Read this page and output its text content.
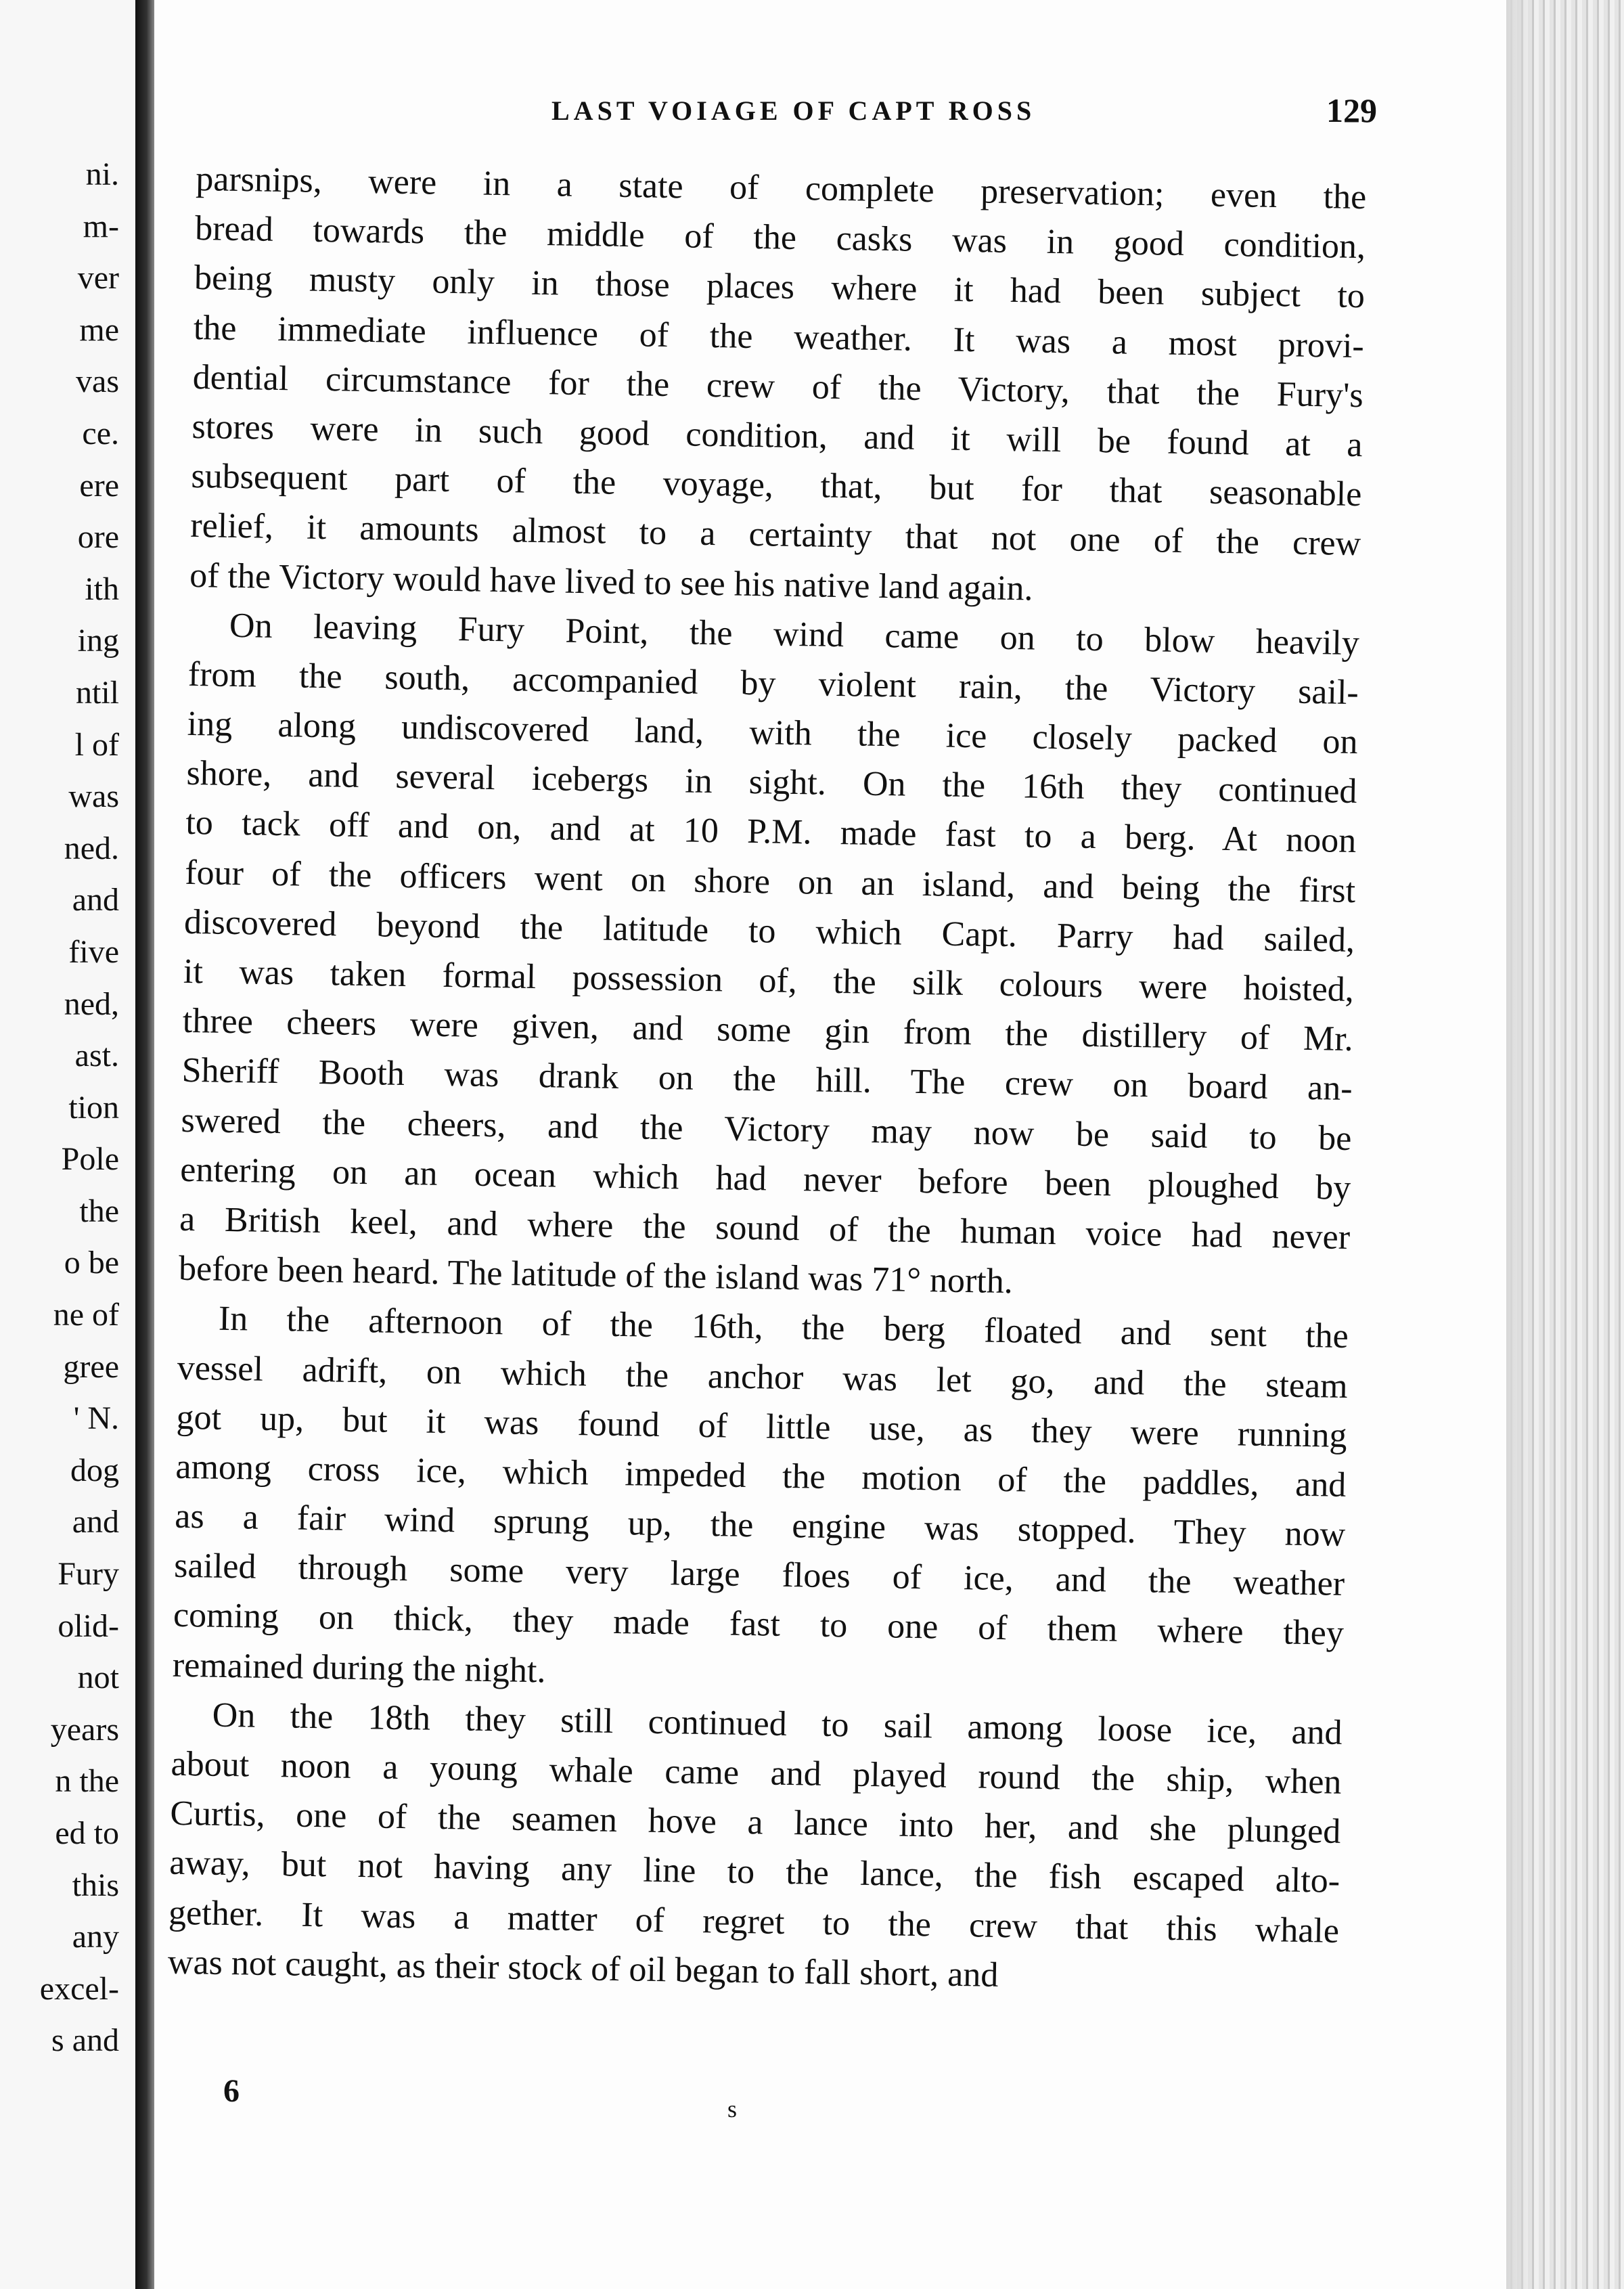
ni.
m-
ver
me
vas
ce.
ere
ore
ith
ing
ntil
l of
was
ned.
and
five
ned,
ast.
tion
Pole
the
o be
ne of
gree
' N.
dog
and
Fury
olid-
not
years
n the
ed to
this
any
excel-
s and
LAST VOIAGE OF CAPT ROSS	129
parsnips, were in a state of complete preservation; even the
bread towards the middle of the casks was in good condition,
being musty only in those places where it had been subject to
the immediate influence of the weather. It was a most provi-
dential circumstance for the crew of the Victory, that the Fury's
stores were in such good condition, and it will be found at a
subsequent part of the voyage, that, but for that seasonable
relief, it amounts almost to a certainty that not one of the crew
of the Victory would have lived to see his native land again.
On leaving Fury Point, the wind came on to blow heavily
from the south, accompanied by violent rain, the Victory sail-
ing along undiscovered land, with the ice closely packed on
shore, and several icebergs in sight. On the 16th they continued
to tack off and on, and at 10 P.M. made fast to a berg. At noon
four of the officers went on shore on an island, and being the first
discovered beyond the latitude to which Capt. Parry had sailed,
it was taken formal possession of, the silk colours were hoisted,
three cheers were given, and some gin from the distillery of Mr.
Sheriff Booth was drank on the hill. The crew on board an-
swered the cheers, and the Victory may now be said to be
entering on an ocean which had never before been ploughed by
a British keel, and where the sound of the human voice had never
before been heard. The latitude of the island was 71° north.
In the afternoon of the 16th, the berg floated and sent the
vessel adrift, on which the anchor was let go, and the steam
got up, but it was found of little use, as they were running
among cross ice, which impeded the motion of the paddles, and
as a fair wind sprung up, the engine was stopped. They now
sailed through some very large floes of ice, and the weather
coming on thick, they made fast to one of them where they
remained during the night.
On the 18th they still continued to sail among loose ice, and
about noon a young whale came and played round the ship, when
Curtis, one of the seamen hove a lance into her, and she plunged
away, but not having any line to the lance, the fish escaped alto-
gether. It was a matter of regret to the crew that this whale
was not caught, as their stock of oil began to fall short, and
6	s
